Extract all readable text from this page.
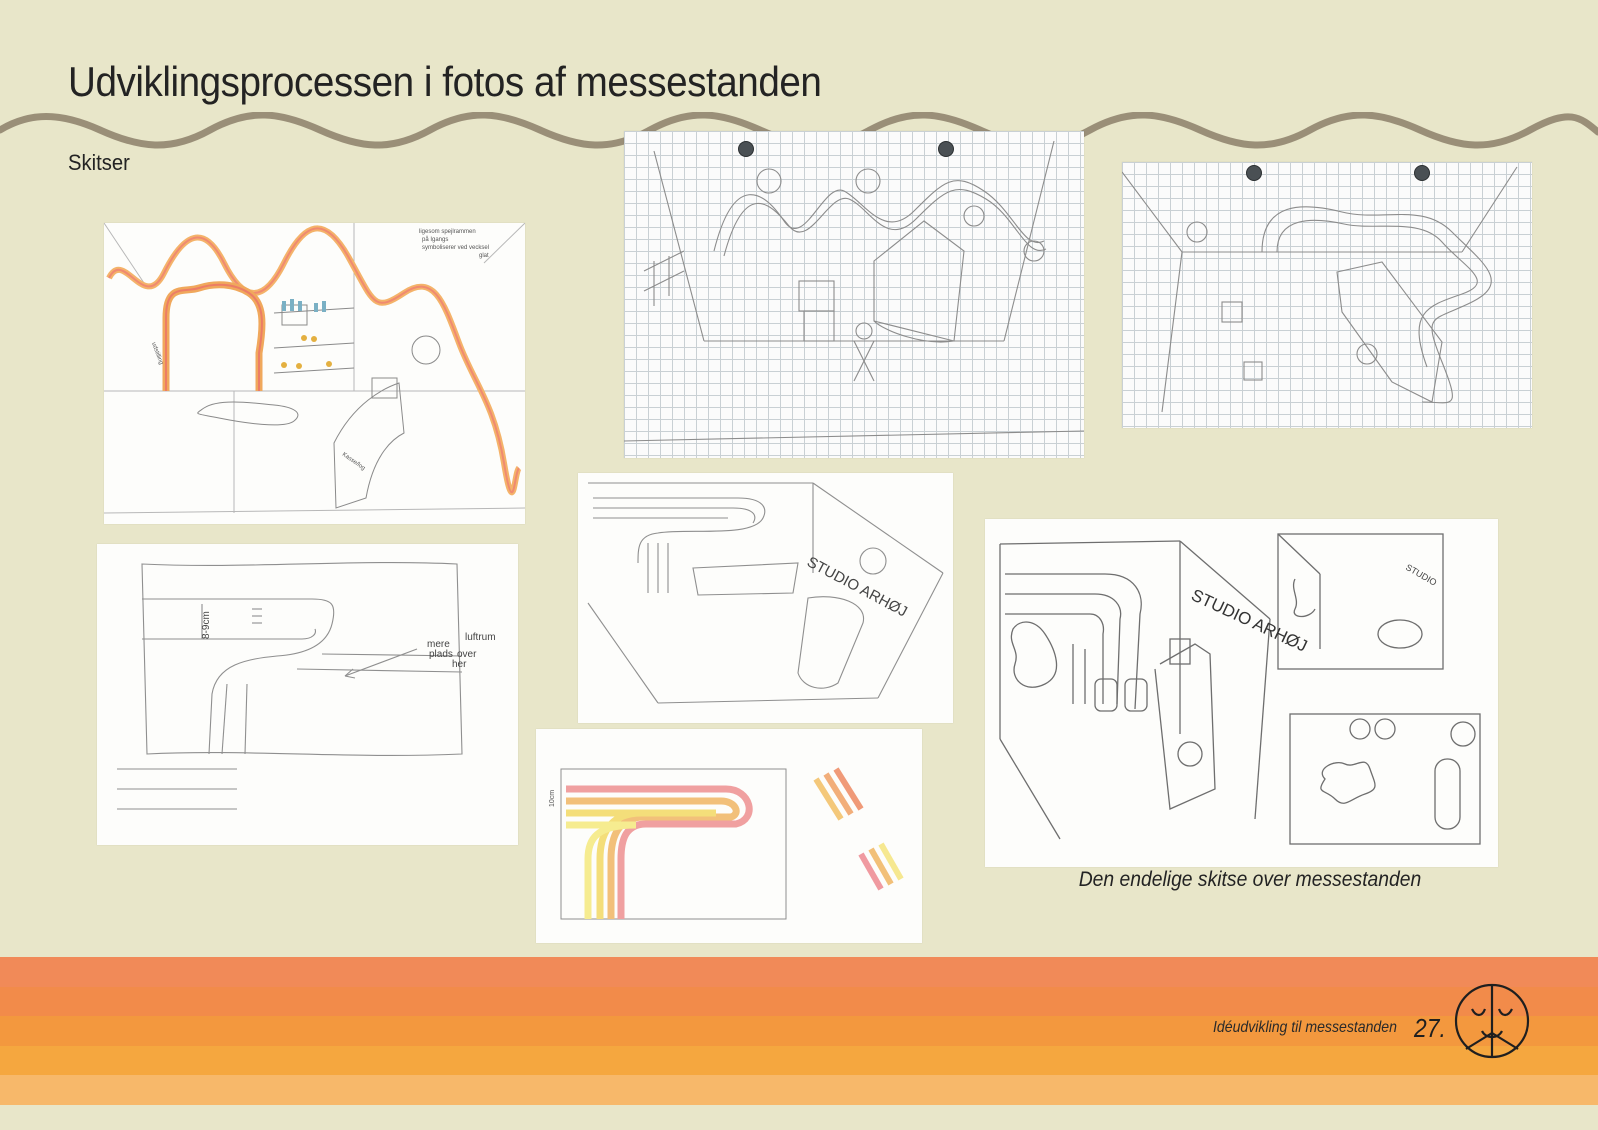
Udviklingsprocessen i fotos af messestanden
Skitser
ligesom spejlrammen
på Igangs
symboliserer ved vecksel
glat
udstilling
Kasse/log
8-9cm
mere
plads over
her
luftrum
STUDIO ARHØJ
10cm
STUDIO ARHØJ
STUDIO
Den endelige skitse over messestanden
Idéudvikling til messestanden 27.
